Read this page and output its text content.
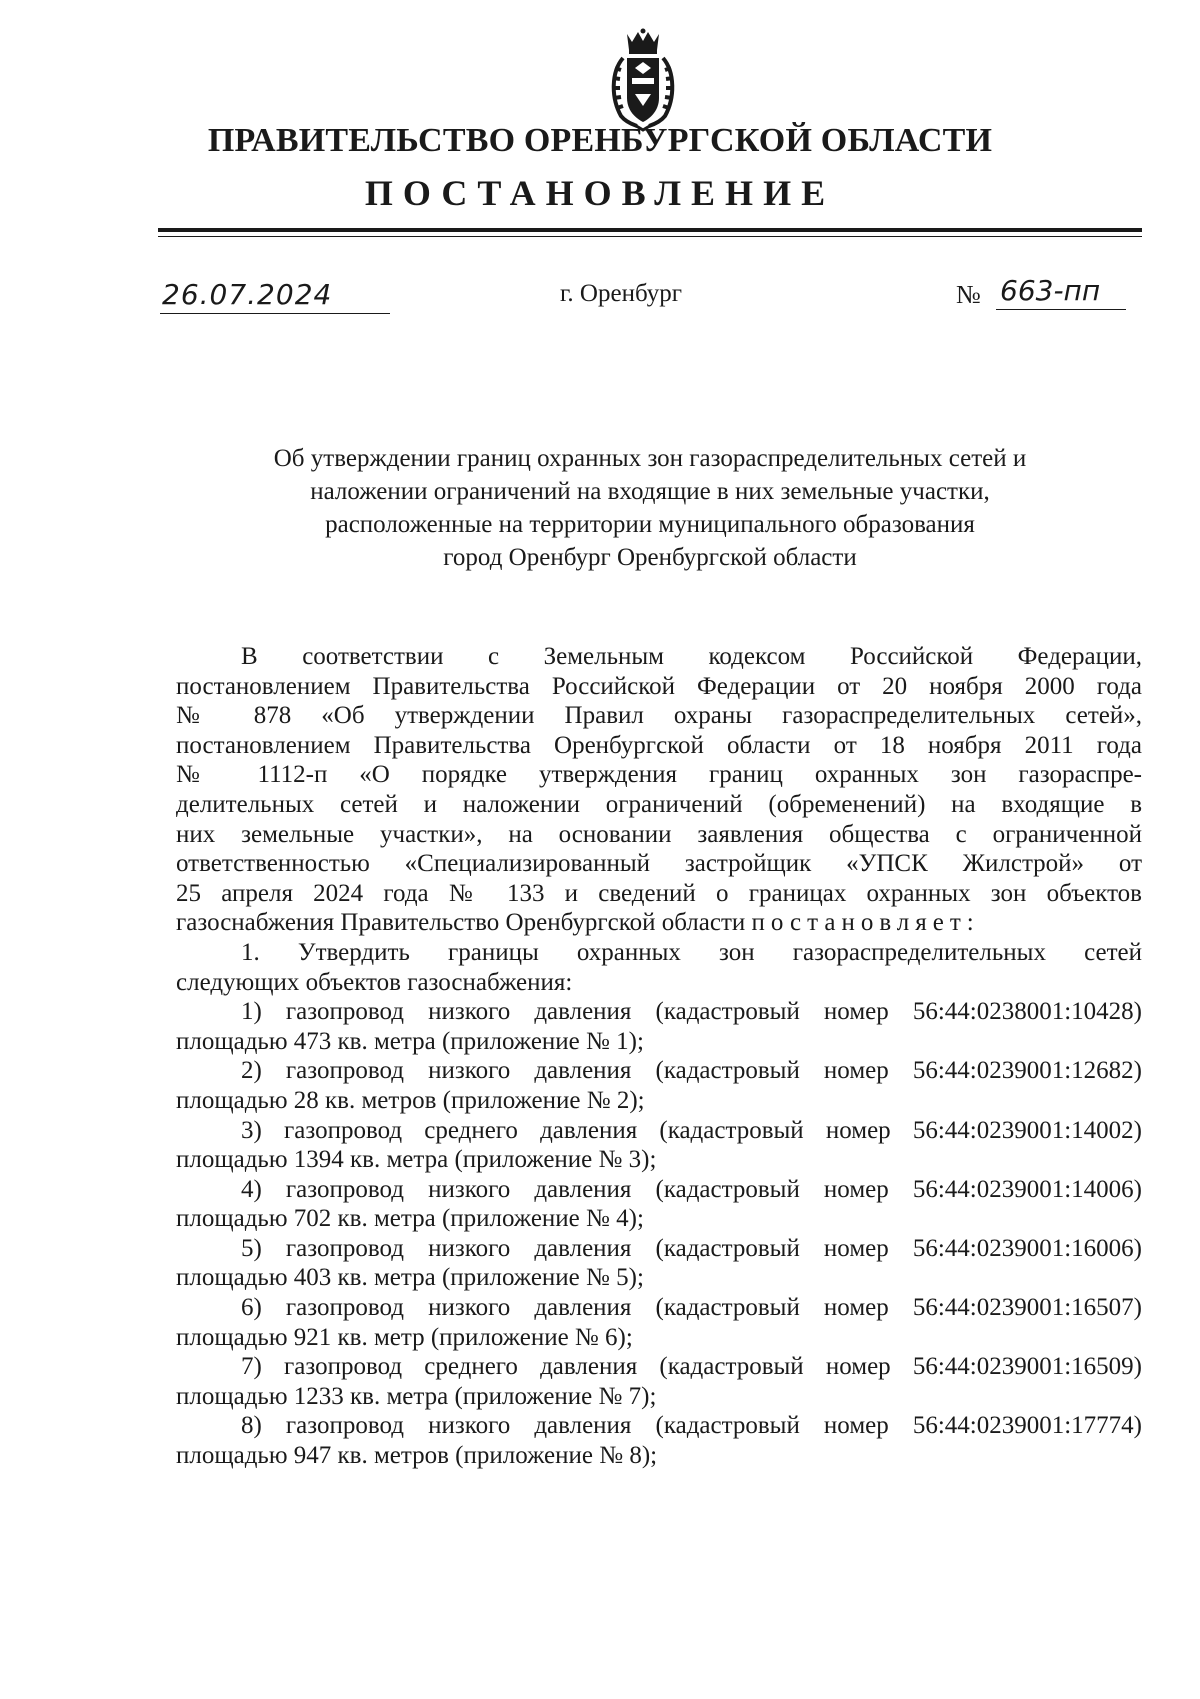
ПРАВИТЕЛЬСТВО ОРЕНБУРГСКОЙ ОБЛАСТИ
ПОСТАНОВЛЕНИЕ
26.07.2024	г. Оренбург	№ 663-пп
Об утверждении границ охранных зон газораспределительных сетей и
наложении ограничений на входящие в них земельные участки,
расположенные на территории муниципального образования
город Оренбург Оренбургской области
В соответствии с Земельным кодексом Российской Федерации,
постановлением Правительства Российской Федерации от 20 ноября 2000 года
№ 878 «Об утверждении Правил охраны газораспределительных сетей»,
постановлением Правительства Оренбургской области от 18 ноября 2011 года
№ 1112-п «О порядке утверждения границ охранных зон газораспре-
делительных сетей и наложении ограничений (обременений) на входящие в
них земельные участки», на основании заявления общества с ограниченной
ответственностью «Специализированный застройщик «УПСК Жилстрой» от
25 апреля 2024 года № 133 и сведений о границах охранных зон объектов
газоснабжения Правительство Оренбургской области постановляет:
1. Утвердить границы охранных зон газораспределительных сетей
следующих объектов газоснабжения:
1) газопровод низкого давления (кадастровый номер 56:44:0238001:10428)
площадью 473 кв. метра (приложение № 1);
2) газопровод низкого давления (кадастровый номер 56:44:0239001:12682)
площадью 28 кв. метров (приложение № 2);
3) газопровод среднего давления (кадастровый номер 56:44:0239001:14002)
площадью 1394 кв. метра (приложение № 3);
4) газопровод низкого давления (кадастровый номер 56:44:0239001:14006)
площадью 702 кв. метра (приложение № 4);
5) газопровод низкого давления (кадастровый номер 56:44:0239001:16006)
площадью 403 кв. метра (приложение № 5);
6) газопровод низкого давления (кадастровый номер 56:44:0239001:16507)
площадью 921 кв. метр (приложение № 6);
7) газопровод среднего давления (кадастровый номер 56:44:0239001:16509)
площадью 1233 кв. метра (приложение № 7);
8) газопровод низкого давления (кадастровый номер 56:44:0239001:17774)
площадью 947 кв. метров (приложение № 8);
